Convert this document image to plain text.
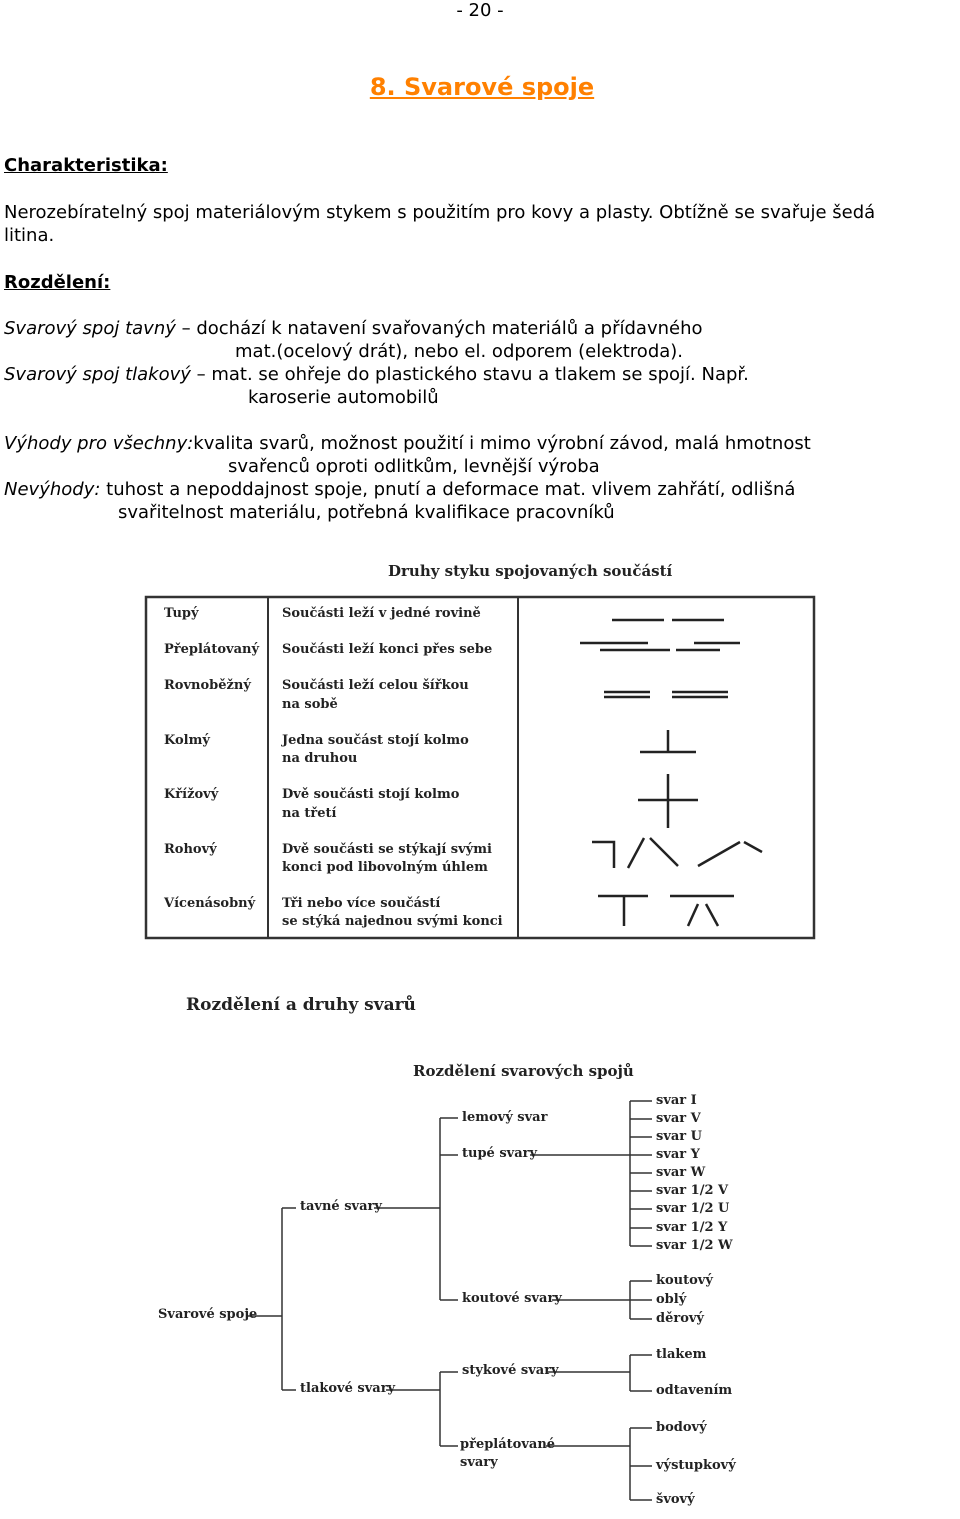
- 20 -
8. Svarové spoje
Charakteristika:
Nerozebíratelný spoj materiálovým stykem s použitím pro kovy a plasty. Obtížně se svařuje šedá
litina.
Rozdělení:
Svarový spoj tavný – dochází k natavení svařovaných materiálů a přídavného
mat.(ocelový drát), nebo el. odporem (elektroda).
Svarový spoj tlakový – mat. se ohřeje do plastického stavu a tlakem se spojí. Např.
karoserie automobilů
Výhody pro všechny:kvalita svarů, možnost použití i mimo výrobní závod, malá hmotnost
svařenců oproti odlitkům, levnější výroba
Nevýhody: tuhost a nepoddajnost spoje, pnutí a deformace mat. vlivem zahřátí, odlišná
svařitelnost materiálu, potřebná kvalifikace pracovníků
Druhy styku spojovaných součástí
Tupý
Přeplátovaný
Rovnoběžný
Kolmý
Křížový
Rohový
Vícenásobný
Součásti leží v jedné rovině
Součásti leží konci přes sebe
Součásti leží celou šířkou
na sobě
Jedna součást stojí kolmo
na druhou
Dvě součásti stojí kolmo
na třetí
Dvě součásti se stýkají svými
konci pod libovolným úhlem
Tři nebo více součástí
se stýká najednou svými konci
Rozdělení a druhy svarů
Rozdělení svarových spojů
Svarové spoje
tavné svary
tlakové svary
lemový svar
tupé svary
koutové svary
stykové svary
přeplátované
svary
svar I
svar V
svar U
svar Y
svar W
svar 1/2 V
svar 1/2 U
svar 1/2 Y
svar 1/2 W
koutový
oblý
děrový
tlakem
odtavením
bodový
výstupkový
švový
